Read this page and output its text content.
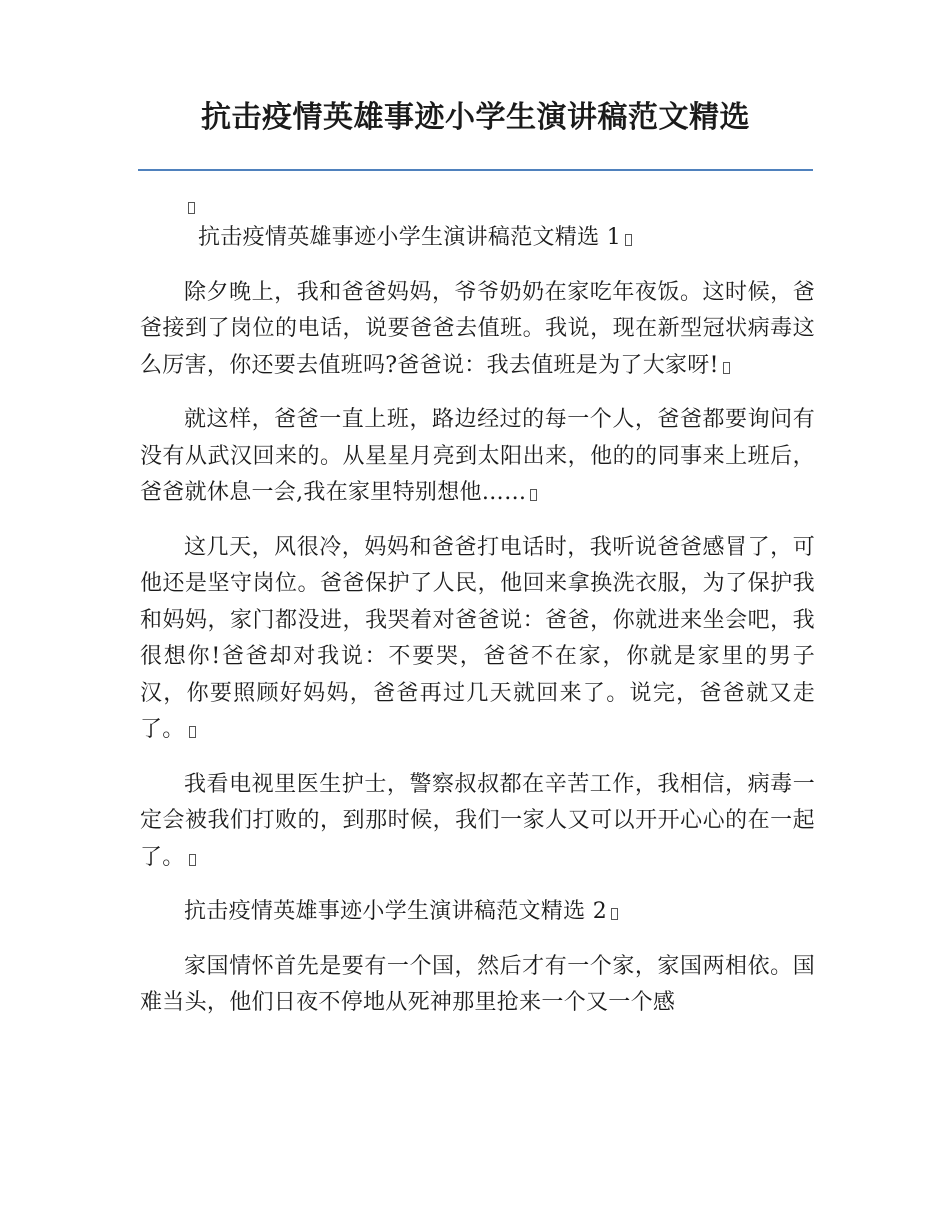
抗击疫情英雄事迹小学生演讲稿范文精选

抗击疫情英雄事迹小学生演讲稿范文精选 1

除夕晚上，我和爸爸妈妈，爷爷奶奶在家吃年夜饭。这时候，爸爸接到了岗位的电话，说要爸爸去值班。我说，现在新型冠状病毒这么厉害，你还要去值班吗?爸爸说：我去值班是为了大家呀!

就这样，爸爸一直上班，路边经过的每一个人，爸爸都要询问有没有从武汉回来的。从星星月亮到太阳出来，他的的同事来上班后，爸爸就休息一会,我在家里特别想他……

这几天，风很冷，妈妈和爸爸打电话时，我听说爸爸感冒了，可他还是坚守岗位。爸爸保护了人民，他回来拿换洗衣服，为了保护我和妈妈，家门都没进，我哭着对爸爸说：爸爸，你就进来坐会吧，我很想你!爸爸却对我说：不要哭，爸爸不在家，你就是家里的男子汉，你要照顾好妈妈，爸爸再过几天就回来了。说完，爸爸就又走了。

我看电视里医生护士，警察叔叔都在辛苦工作，我相信，病毒一定会被我们打败的，到那时候，我们一家人又可以开开心心的在一起了。

抗击疫情英雄事迹小学生演讲稿范文精选 2

家国情怀首先是要有一个国，然后才有一个家，家国两相依。国难当头，他们日夜不停地从死神那里抢来一个又一个感
